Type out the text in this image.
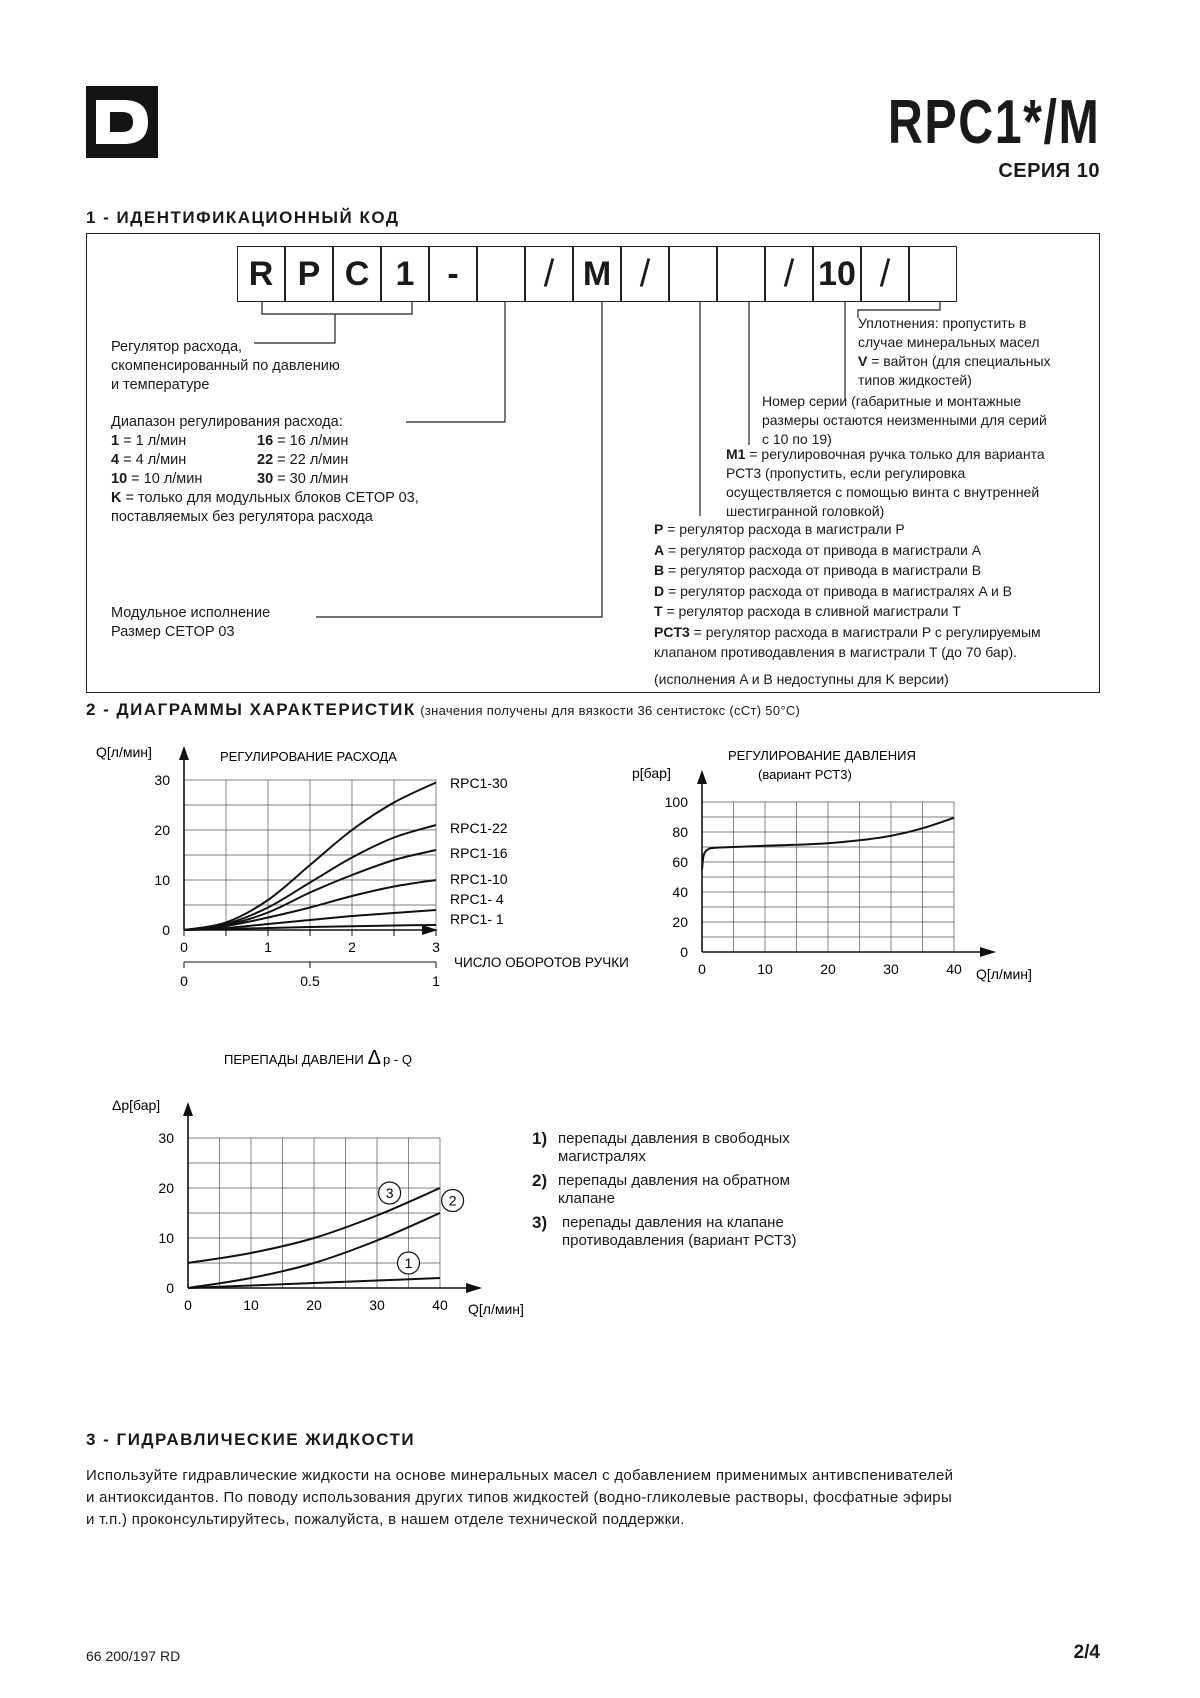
RPC1*/M
СЕРИЯ 10
1 - ИДЕНТИФИКАЦИОННЫЙ КОД
R P C 1 -	/ M /	/ 10 /
Регулятор расхода,
скомпенсированный по давлению
и температуре
Диапазон регулирования расхода:
1 = 1 л/мин	16 = 16 л/мин
4 = 4 л/мин	22 = 22 л/мин
10 = 10 л/мин	30 = 30 л/мин
K = только для модульных блоков CETOP 03,
поставляемых без регулятора расхода
Модульное исполнение
Размер CETOP 03
Уплотнения: пропустить в
случае минеральных масел
V = вайтон (для специальных
типов жидкостей)
Номер серии (габаритные и монтажные
размеры остаются неизменными для серий
с 10 по 19)
M1 = регулировочная ручка только для варианта
РСТ3 (пропустить, если регулировка
осуществляется с помощью винта с внутренней
шестигранной головкой)
P = регулятор расхода в магистрали P
A = регулятор расхода от привода в магистрали A
B = регулятор расхода от привода в магистрали B
D = регулятор расхода от привода в магистралях A и B
T = регулятор расхода в сливной магистрали T
PCT3 = регулятор расхода в магистрали P с регулируемым
клапаном противодавления в магистрали T (до 70 бар).
(исполнения A и B недоступны для K версии)
2 - ДИАГРАММЫ ХАРАКТЕРИСТИК (значения получены для вязкости 36 сентистокс (cCт) 50°C)
0
10
20
30
0	1	2	3
Q[л/мин]	РЕГУЛИРОВАНИЕ РАСХОДА
0	0.5	1
ЧИСЛО ОБОРОТОВ РУЧКИ
RPC1-30
RPC1-22
RPC1-16
RPC1-10
RPC1- 4
RPC1- 1
0
20
40
60
80
100
0	10	20	30	40
p[бар]
РЕГУЛИРОВАНИЕ ДАВЛЕНИЯ
(вариант РСТ3)
Q[л/мин]
0
10
20
30
0	10	20	30	40
ПЕРЕПАДЫ ДАВЛЕНИ Δ p - Q
Δp[бар]
Q[л/мин]
3	2
1
1) перепады давления в свободных
магистралях
2) перепады давления на обратном
клапане
3) перепады давления на клапане
противодавления (вариант РСТ3)
3 - ГИДРАВЛИЧЕСКИЕ ЖИДКОСТИ
Используйте гидравлические жидкости на основе минеральных масел с добавлением применимых антивспенивателей
и антиоксидантов. По поводу использования других типов жидкостей (водно-гликолевые растворы, фосфатные эфиры
и т.п.) проконсультируйтесь, пожалуйста, в нашем отделе технической поддержки.
66 200/197 RD	2/4
